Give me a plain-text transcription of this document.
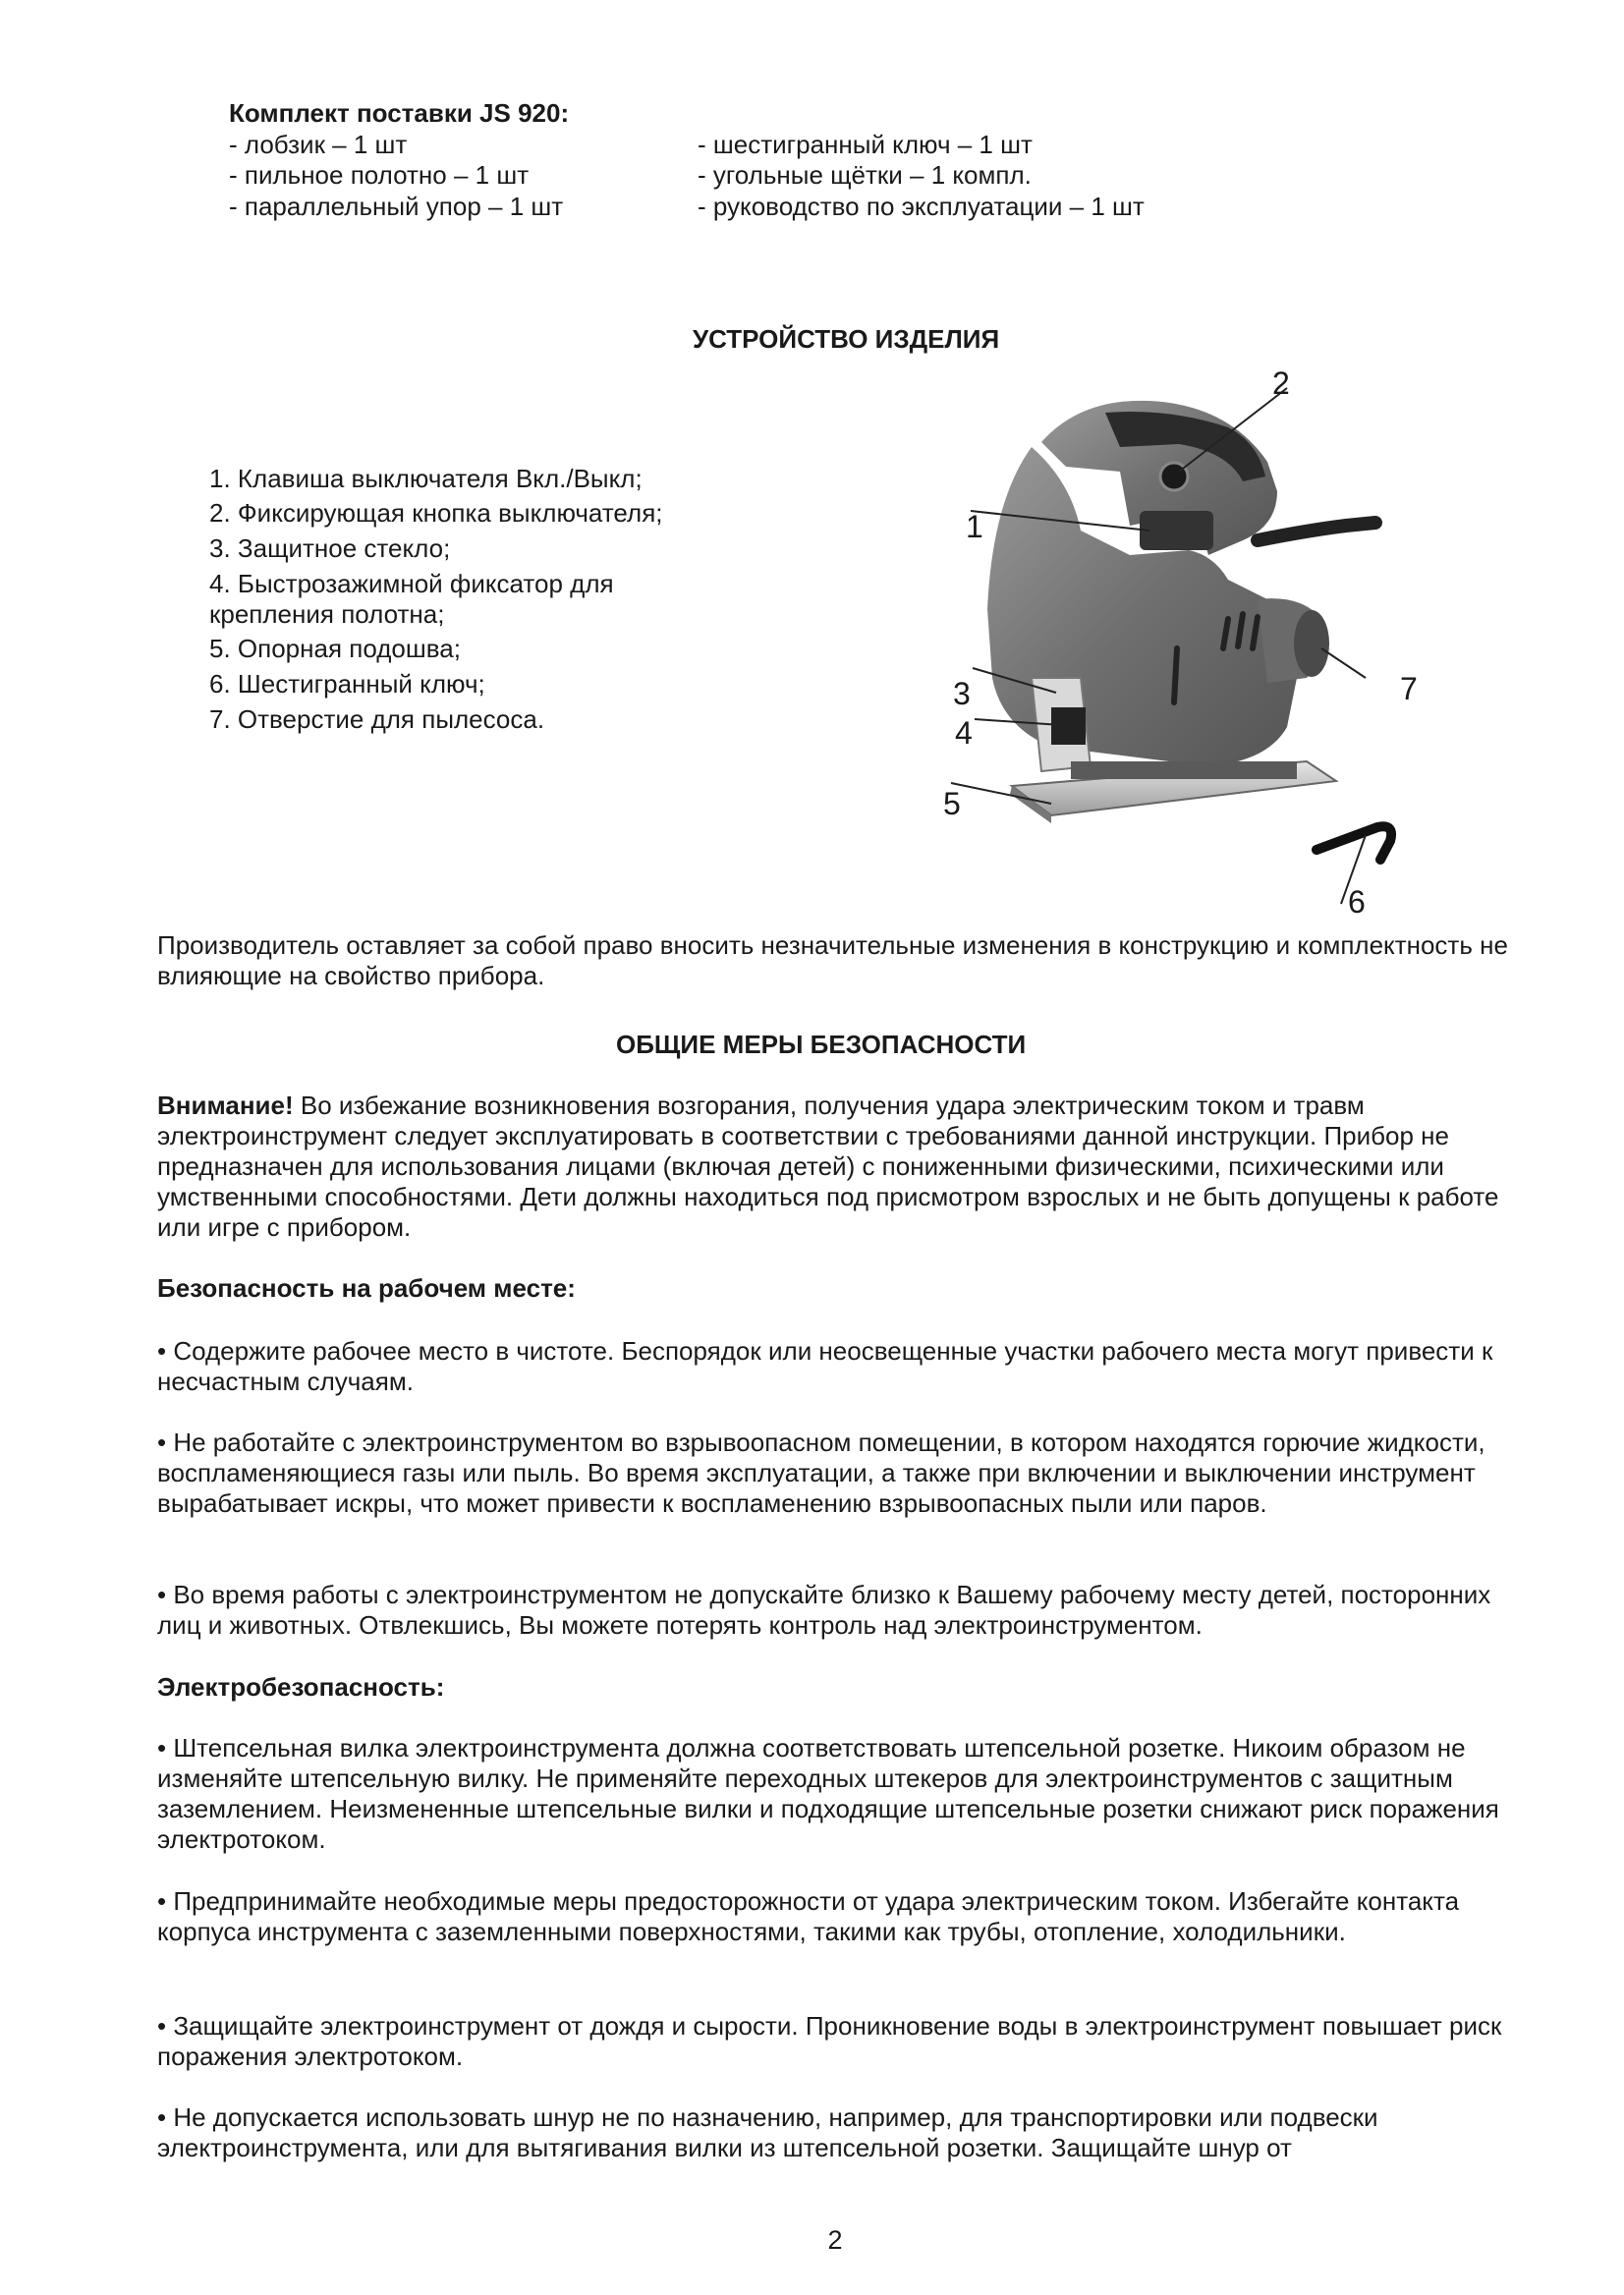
Комплект поставки JS 920:

- лобзик – 1 шт

- пильное полотно – 1 шт

- параллельный упор – 1 шт

- шестигранный ключ – 1 шт

- угольные щётки – 1 компл.

- руководство по эксплуатации – 1 шт

УСТРОЙСТВО ИЗДЕЛИЯ

1. Клавиша выключателя Вкл./Выкл;

2. Фиксирующая кнопка выключателя;

3. Защитное стекло;

4. Быстрозажимной фиксатор для

крепления полотна;

5. Опорная подошва;

6. Шестигранный ключ;

7. Отверстие для пылесоса.

2
1
3
4
5
6
7

Производитель оставляет за собой право вносить незначительные изменения в конструкцию и комплектность не влияющие на свойство прибора.

ОБЩИЕ МЕРЫ БЕЗОПАСНОСТИ

Внимание! Во избежание возникновения возгорания, получения удара электрическим током и травм электроинструмент следует эксплуатировать в соответствии с требованиями данной инструкции. Прибор не предназначен для использования лицами (включая детей) с пониженными физическими, психическими или умственными способностями. Дети должны находиться под присмотром взрослых и не быть допущены к работе или игре с прибором.

Безопасность на рабочем месте:

• Содержите рабочее место в чистоте. Беспорядок или неосвещенные участки рабочего места могут привести к несчастным случаям.

• Не работайте с электроинструментом во взрывоопасном помещении, в котором находятся горючие жидкости, воспламеняющиеся газы или пыль. Во время эксплуатации, а также при включении и выключении инструмент вырабатывает искры, что может привести к воспламенению взрывоопасных пыли или паров.

• Во время работы с электроинструментом не допускайте близко к Вашему рабочему месту детей, посторонних лиц и животных. Отвлекшись, Вы можете потерять контроль над электроинструментом.

Электробезопасность:

• Штепсельная вилка электроинструмента должна соответствовать штепсельной розетке. Никоим образом не изменяйте штепсельную вилку. Не применяйте переходных штекеров для электроинструментов с защитным заземлением. Неизмененные штепсельные вилки и подходящие штепсельные розетки снижают риск поражения электротоком.

• Предпринимайте необходимые меры предосторожности от удара электрическим током. Избегайте контакта корпуса инструмента с заземленными поверхностями, такими как трубы, отопление, холодильники.

• Защищайте электроинструмент от дождя и сырости. Проникновение воды в электроинструмент повышает риск поражения электротоком.

• Не допускается использовать шнур не по назначению, например, для транспортировки или подвески электроинструмента, или для вытягивания вилки из штепсельной розетки. Защищайте шнур от

2
